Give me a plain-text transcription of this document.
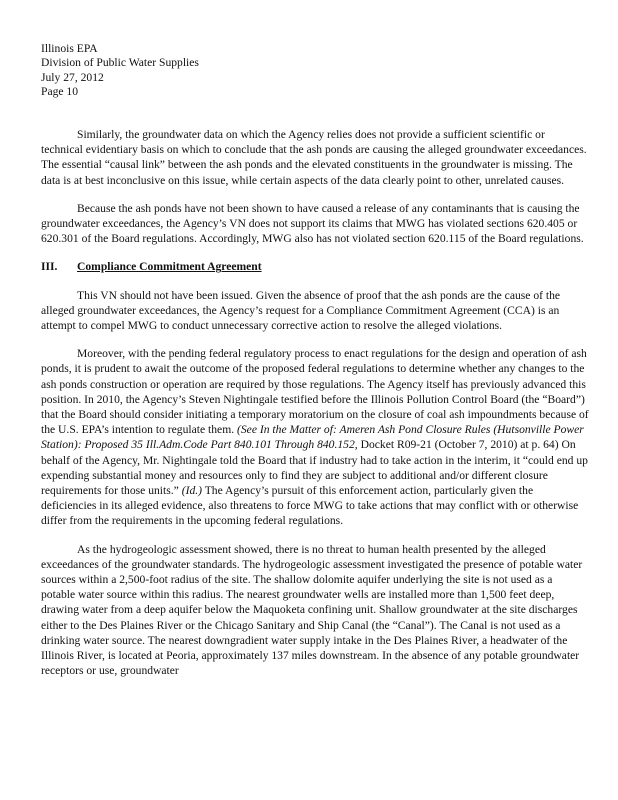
Illinois EPA
Division of Public Water Supplies
July 27, 2012
Page 10

Similarly, the groundwater data on which the Agency relies does not provide a sufficient scientific or technical evidentiary basis on which to conclude that the ash ponds are causing the alleged groundwater exceedances. The essential “causal link” between the ash ponds and the elevated constituents in the groundwater is missing. The data is at best inconclusive on this issue, while certain aspects of the data clearly point to other, unrelated causes.

Because the ash ponds have not been shown to have caused a release of any contaminants that is causing the groundwater exceedances, the Agency’s VN does not support its claims that MWG has violated sections 620.405 or 620.301 of the Board regulations. Accordingly, MWG also has not violated section 620.115 of the Board regulations.

III.	Compliance Commitment Agreement

This VN should not have been issued. Given the absence of proof that the ash ponds are the cause of the alleged groundwater exceedances, the Agency’s request for a Compliance Commitment Agreement (CCA) is an attempt to compel MWG to conduct unnecessary corrective action to resolve the alleged violations.

Moreover, with the pending federal regulatory process to enact regulations for the design and operation of ash ponds, it is prudent to await the outcome of the proposed federal regulations to determine whether any changes to the ash ponds construction or operation are required by those regulations. The Agency itself has previously advanced this position. In 2010, the Agency’s Steven Nightingale testified before the Illinois Pollution Control Board (the “Board”) that the Board should consider initiating a temporary moratorium on the closure of coal ash impoundments because of the U.S. EPA’s intention to regulate them. (See In the Matter of: Ameren Ash Pond Closure Rules (Hutsonville Power Station): Proposed 35 Ill.Adm.Code Part 840.101 Through 840.152, Docket R09-21 (October 7, 2010) at p. 64) On behalf of the Agency, Mr. Nightingale told the Board that if industry had to take action in the interim, it “could end up expending substantial money and resources only to find they are subject to additional and/or different closure requirements for those units.” (Id.) The Agency’s pursuit of this enforcement action, particularly given the deficiencies in its alleged evidence, also threatens to force MWG to take actions that may conflict with or otherwise differ from the requirements in the upcoming federal regulations.

As the hydrogeologic assessment showed, there is no threat to human health presented by the alleged exceedances of the groundwater standards. The hydrogeologic assessment investigated the presence of potable water sources within a 2,500-foot radius of the site. The shallow dolomite aquifer underlying the site is not used as a potable water source within this radius. The nearest groundwater wells are installed more than 1,500 feet deep, drawing water from a deep aquifer below the Maquoketa confining unit. Shallow groundwater at the site discharges either to the Des Plaines River or the Chicago Sanitary and Ship Canal (the “Canal”). The Canal is not used as a drinking water source. The nearest downgradient water supply intake in the Des Plaines River, a headwater of the Illinois River, is located at Peoria, approximately 137 miles downstream. In the absence of any potable groundwater receptors or use, groundwater
